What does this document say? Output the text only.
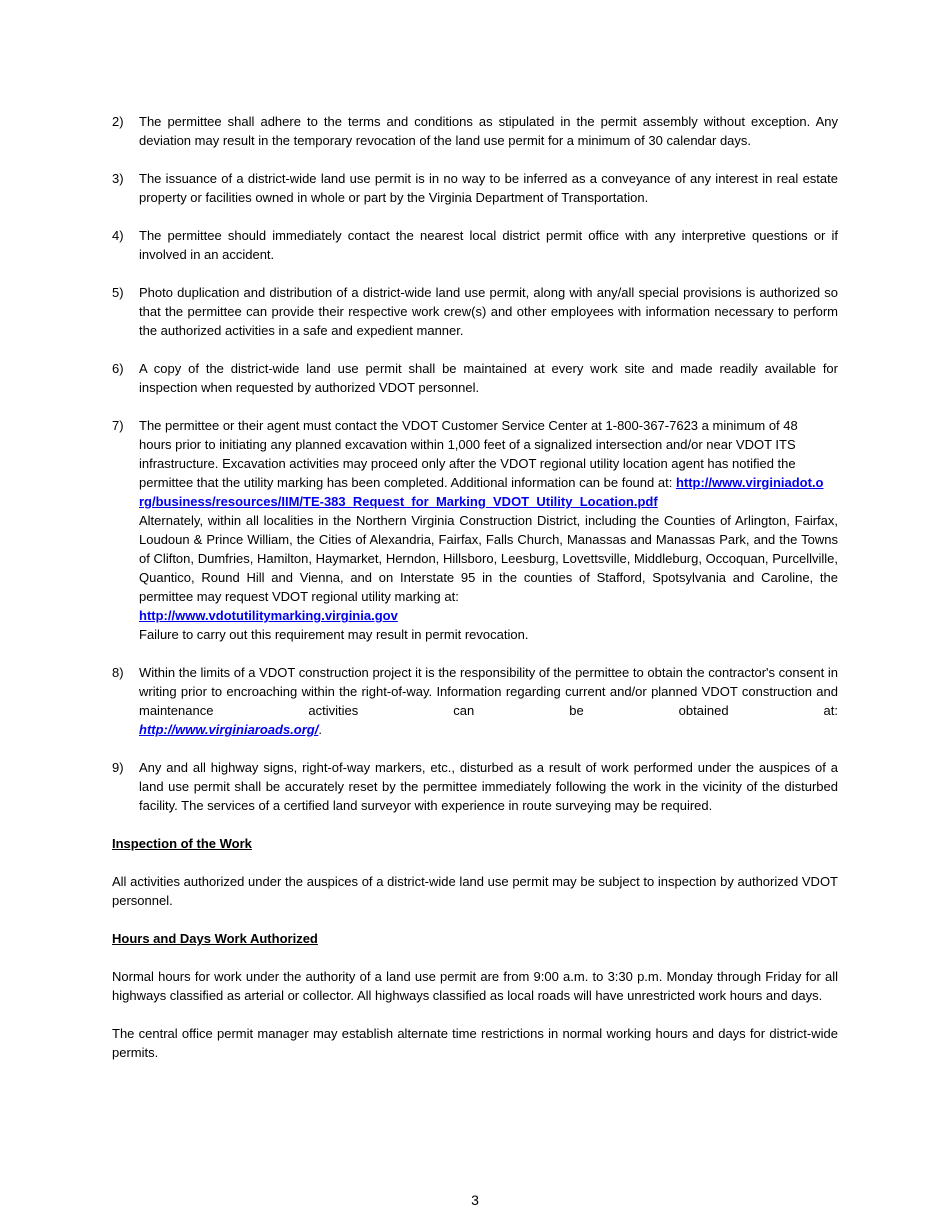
2)	The permittee shall adhere to the terms and conditions as stipulated in the permit assembly without exception. Any deviation may result in the temporary revocation of the land use permit for a minimum of 30 calendar days.
3)	The issuance of a district-wide land use permit is in no way to be inferred as a conveyance of any interest in real estate property or facilities owned in whole or part by the Virginia Department of Transportation.
4)	The permittee should immediately contact the nearest local district permit office with any interpretive questions or if involved in an accident.
5)	Photo duplication and distribution of a district-wide land use permit, along with any/all special provisions is authorized so that the permittee can provide their respective work crew(s) and other employees with information necessary to perform the authorized activities in a safe and expedient manner.
6)	A copy of the district-wide land use permit shall be maintained at every work site and made readily available for inspection when requested by authorized VDOT personnel.
7)	The permittee or their agent must contact the VDOT Customer Service Center at 1-800-367-7623 a minimum of 48 hours prior to initiating any planned excavation within 1,000 feet of a signalized intersection and/or near VDOT ITS infrastructure. Excavation activities may proceed only after the VDOT regional utility location agent has notified the permittee that the utility marking has been completed. Additional information can be found at: http://www.virginiadot.org/business/resources/IIM/TE-383_Request_for_Marking_VDOT_Utility_Location.pdf
Alternately, within all localities in the Northern Virginia Construction District, including the Counties of Arlington, Fairfax, Loudoun & Prince William, the Cities of Alexandria, Fairfax, Falls Church, Manassas and Manassas Park, and the Towns of Clifton, Dumfries, Hamilton, Haymarket, Herndon, Hillsboro, Leesburg, Lovettsville, Middleburg, Occoquan, Purcellville, Quantico, Round Hill and Vienna, and on Interstate 95 in the counties of Stafford, Spotsylvania and Caroline, the permittee may request VDOT regional utility marking at:
http://www.vdotutilitymarking.virginia.gov
Failure to carry out this requirement may result in permit revocation.
8)	Within the limits of a VDOT construction project it is the responsibility of the permittee to obtain the contractor's consent in writing prior to encroaching within the right-of-way. Information regarding current and/or planned VDOT construction and maintenance activities can be obtained at:
http://www.virginiaroads.org/.
9)	Any and all highway signs, right-of-way markers, etc., disturbed as a result of work performed under the auspices of a land use permit shall be accurately reset by the permittee immediately following the work in the vicinity of the disturbed facility. The services of a certified land surveyor with experience in route surveying may be required.
Inspection of the Work

All activities authorized under the auspices of a district-wide land use permit may be subject to inspection by authorized VDOT personnel.

Hours and Days Work Authorized

Normal hours for work under the authority of a land use permit are from 9:00 a.m. to 3:30 p.m. Monday through Friday for all highways classified as arterial or collector. All highways classified as local roads will have unrestricted work hours and days.

The central office permit manager may establish alternate time restrictions in normal working hours and days for district-wide permits.

3
